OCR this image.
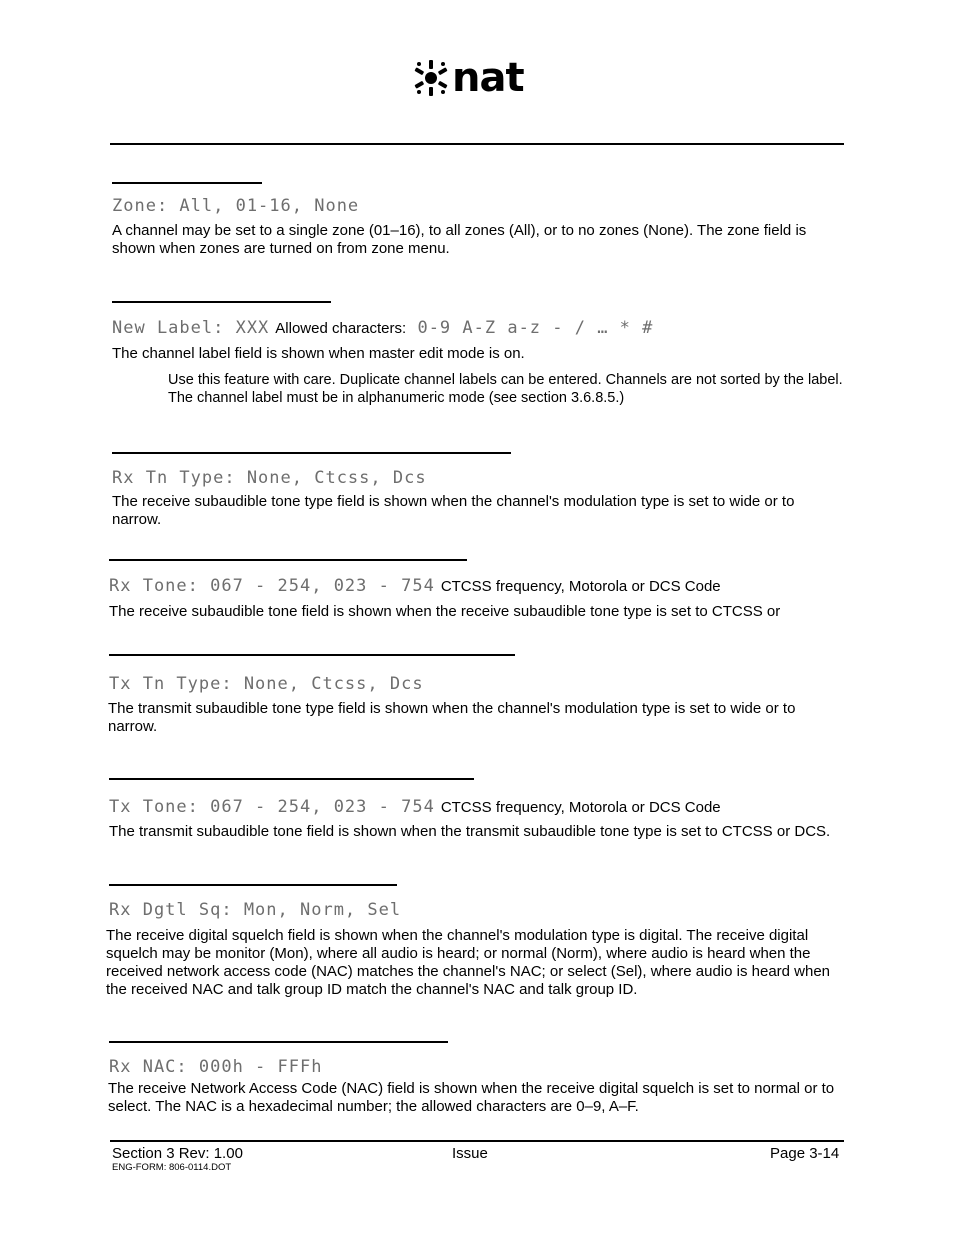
nat
Zone: All, 01-16, None

A channel may be set to a single zone (01–16), to all zones (All), or to no zones (None). The zone field is shown when zones are turned on from zone menu.

New Label: XXX Allowed characters: 0-9 A-Z a-z - / … * #

The channel label field is shown when master edit mode is on.

Use this feature with care. Duplicate channel labels can be entered. Channels are not sorted by the label. The channel label must be in alphanumeric mode (see section 3.6.8.5.)

Rx Tn Type: None, Ctcss, Dcs

The receive subaudible tone type field is shown when the channel's modulation type is set to wide or to narrow.

Rx Tone: 067 - 254, 023 - 754 CTCSS frequency, Motorola or DCS Code

The receive subaudible tone field is shown when the receive subaudible tone type is set to CTCSS or

Tx Tn Type: None, Ctcss, Dcs

The transmit subaudible tone type field is shown when the channel's modulation type is set to wide or to narrow.

Tx Tone: 067 - 254, 023 - 754 CTCSS frequency, Motorola or DCS Code

The transmit subaudible tone field is shown when the transmit subaudible tone type is set to CTCSS or DCS.

Rx Dgtl Sq: Mon, Norm, Sel

The receive digital squelch field is shown when the channel's modulation type is digital. The receive digital squelch may be monitor (Mon), where all audio is heard; or normal (Norm), where audio is heard when the received network access code (NAC) matches the channel's NAC; or select (Sel), where audio is heard when the received NAC and talk group ID match the channel's NAC and talk group ID.

Rx NAC: 000h - FFFh

The receive Network Access Code (NAC) field is shown when the receive digital squelch is set to normal or to select. The NAC is a hexadecimal number; the allowed characters are 0–9, A–F.

Section 3 Rev: 1.00	Issue	Page 3-14
ENG-FORM: 806-0114.DOT
